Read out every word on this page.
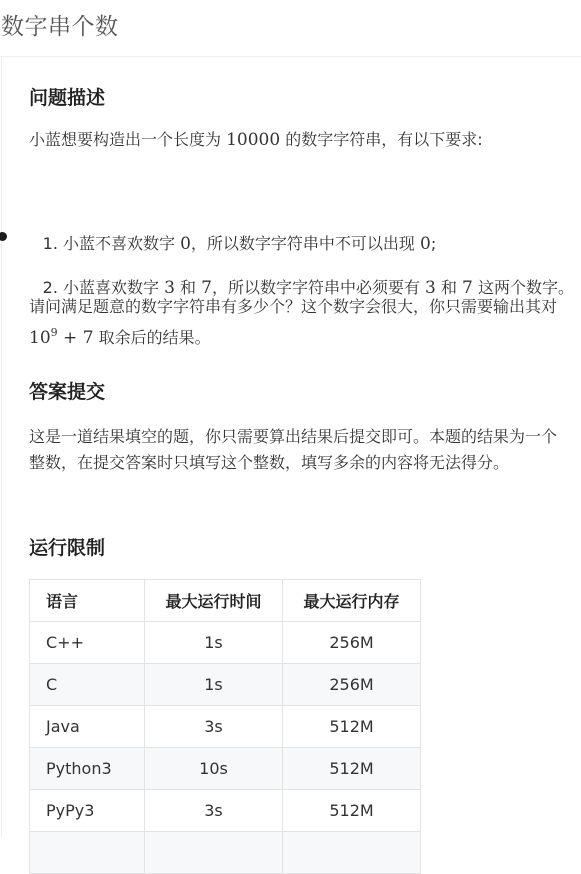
数字串个数
问题描述

小蓝想要构造出一个长度为 10000 的数字字符串，有以下要求:

1. 小蓝不喜欢数字 0，所以数字字符串中不可以出现 0;
2. 小蓝喜欢数字 3 和 7，所以数字字符串中必须要有 3 和 7 这两个数字。

请问满足题意的数字字符串有多少个？这个数字会很大，你只需要输出其对 $10^9 + 7$ 取余后的结果。

答案提交

这是一道结果填空的题，你只需要算出结果后提交即可。本题的结果为一个整数，在提交答案时只填写这个整数，填写多余的内容将无法得分。

运行限制
语言	最大运行时间	最大运行内存
C++	1s	256M
C	1s	256M
Java	3s	512M
Python3	10s	512M
PyPy3	3s	512M
